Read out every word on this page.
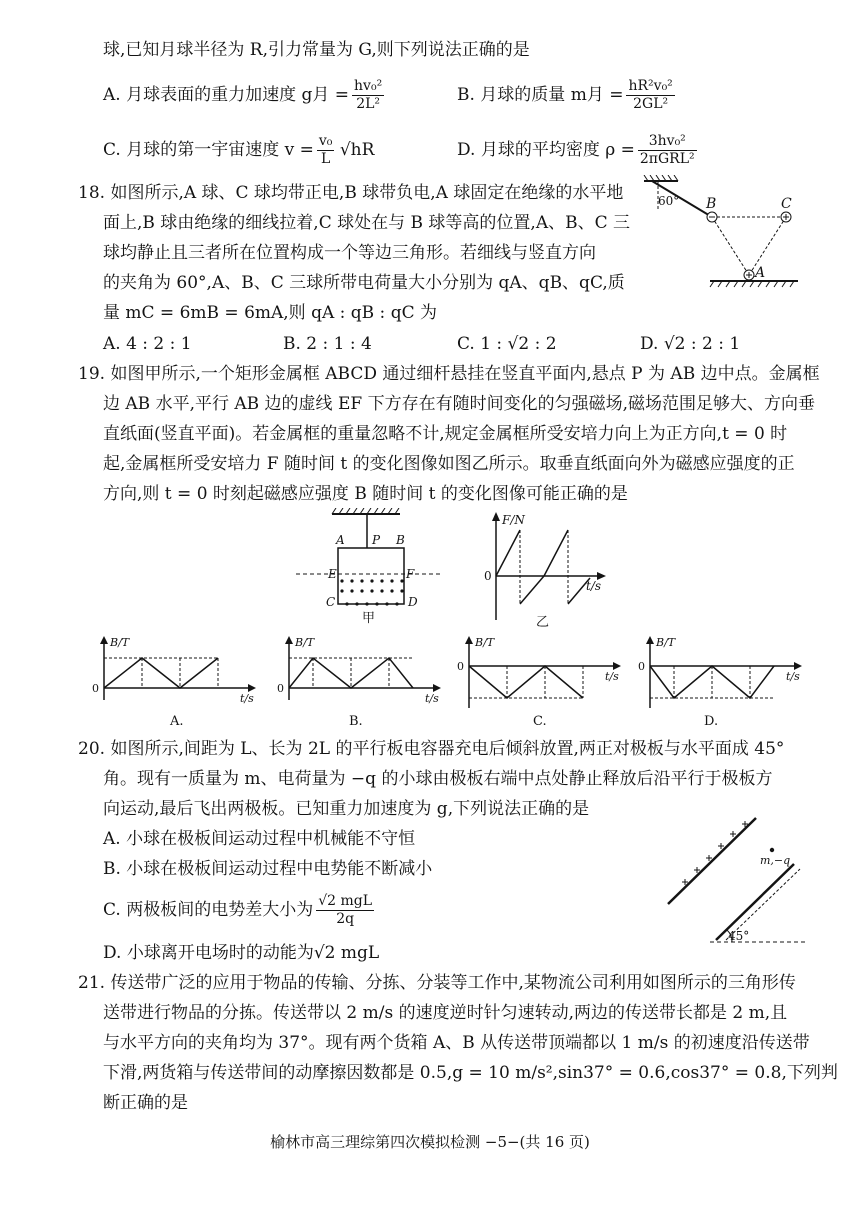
球,已知月球半径为 R,引力常量为 G,则下列说法正确的是
A. 月球表面的重力加速度 g月 = $\frac{\text{hv₀²}}{\text{2L²}}$	B. 月球的质量 m月 = $\frac{\text{hR²v₀²}}{\text{2GL²}}$
C. 月球的第一宇宙速度 $v = \frac{\text{v₀}}{L} √hR$	D. 月球的平均密度 $\rho = \frac{\text{3hv₀²}}{\text{2πGRL²}}$
18. 如图所示,A 球、C 球均带正电,B 球带负电,A 球固定在绝缘的水平地
面上,B 球由绝缘的细线拉着,C 球处在与 B 球等高的位置,A、B、C 三
球均静止且三者所在位置构成一个等边三角形。若细线与竖直方向
的夹角为 60°,A、B、C 三球所带电荷量大小分别为 qA、qB、qC,质
量 mC = 6mB = 6mA,则 qA : qB : qC 为
A. 4 : 2 : 1	B. 2 : 1 : 4	C. 1 : √2 : 2	D. √2 : 2 : 1
60° B	C
A
19. 如图甲所示,一个矩形金属框 ABCD 通过细杆悬挂在竖直平面内,悬点 P 为 AB 边中点。金属框
边 AB 水平,平行 AB 边的虚线 EF 下方存在有随时间变化的匀强磁场,磁场范围足够大、方向垂
直纸面(竖直平面)。若金属框的重量忽略不计,规定金属框所受安培力向上为正方向,t = 0 时
起,金属框所受安培力 F 随时间 t 的变化图像如图乙所示。取垂直纸面向外为磁感应强度的正
方向,则 t = 0 时刻起磁感应强度 B 随时间 t 的变化图像可能正确的是
A P B
E	F
C	D
甲
F/N
t/s
0
乙
B/T
t/s
0
A.
B/T
t/s
0
B.
B/T
t/s
0
C.
B/T
t/s
0
D.
20. 如图所示,间距为 L、长为 2L 的平行板电容器充电后倾斜放置,两正对极板与水平面成 45°
角。现有一质量为 m、电荷量为 −q 的小球由极板右端中点处静止释放后沿平行于极板方
向运动,最后飞出两极板。已知重力加速度为 g,下列说法正确的是
A. 小球在极板间运动过程中机械能不守恒
B. 小球在极板间运动过程中电势能不断减小
C. 两极板间的电势差大小为 $\frac{\text{√2 mgL}}{2q}$
D. 小球离开电场时的动能为√2 mgL
m,−q
45°
21. 传送带广泛的应用于物品的传输、分拣、分装等工作中,某物流公司利用如图所示的三角形传
送带进行物品的分拣。传送带以 2 m/s 的速度逆时针匀速转动,两边的传送带长都是 2 m,且
与水平方向的夹角均为 37°。现有两个货箱 A、B 从传送带顶端都以 1 m/s 的初速度沿传送带
下滑,两货箱与传送带间的动摩擦因数都是 0.5,g = 10 m/s²,sin37° = 0.6,cos37° = 0.8,下列判
断正确的是
榆林市高三理综第四次模拟检测 −5−(共 16 页)
